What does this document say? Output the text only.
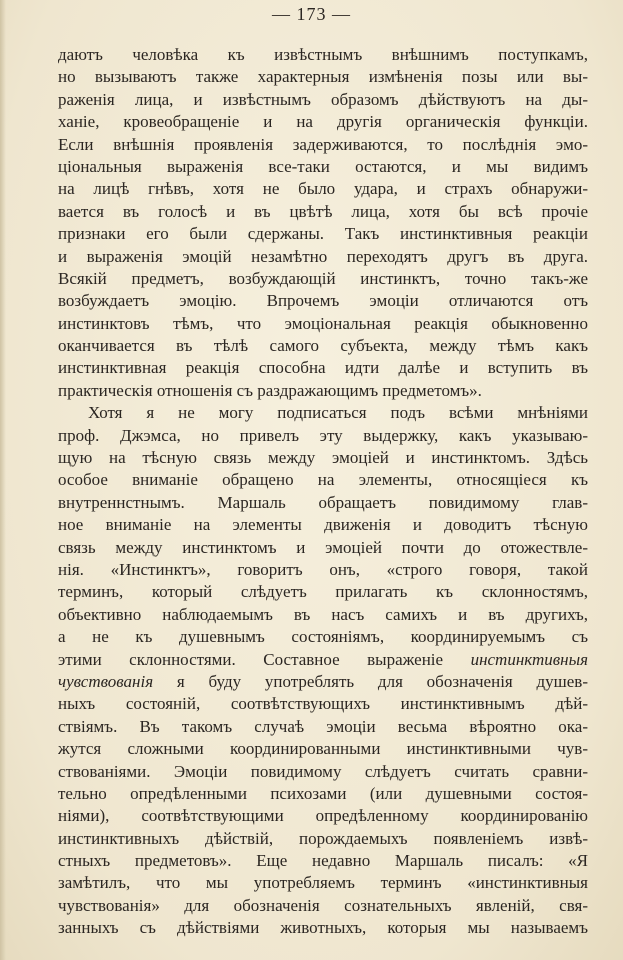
— 173 —
даютъ человѣка къ извѣстнымъ внѣшнимъ поступкамъ,
но вызываютъ также характерныя измѣненія позы или вы-
раженія лица, и извѣстнымъ образомъ дѣйствуютъ на ды-
ханіе, кровеобращеніе и на другія органическія функціи.
Если внѣшнія проявленія задерживаются, то послѣднія эмо-
ціональныя выраженія все-таки остаются, и мы видимъ
на лицѣ гнѣвъ, хотя не было удара, и страхъ обнаружи-
вается въ голосѣ и въ цвѣтѣ лица, хотя бы всѣ прочіе
признаки его были сдержаны. Такъ инстинктивныя реакціи
и выраженія эмоцій незамѣтно переходятъ другъ въ друга.
Всякій предметъ, возбуждающій инстинктъ, точно такъ-же
возбуждаетъ эмоцію. Впрочемъ эмоціи отличаются отъ
инстинктовъ тѣмъ, что эмоціональная реакція обыкновенно
оканчивается въ тѣлѣ самого субъекта, между тѣмъ какъ
инстинктивная реакція способна идти далѣе и вступить въ
практическія отношенія съ раздражающимъ предметомъ».
Хотя я не могу подписаться подъ всѣми мнѣніями
проф. Джэмса, но привелъ эту выдержку, какъ указываю-
щую на тѣсную связь между эмоціей и инстинктомъ. Здѣсь
особое вниманіе обращено на элементы, относящіеся къ
внутреннстнымъ. Маршаль обращаетъ повидимому глав-
ное вниманіе на элементы движенія и доводитъ тѣсную
связь между инстинктомъ и эмоціей почти до отожествле-
нія. «Инстинктъ», говоритъ онъ, «строго говоря, такой
терминъ, который слѣдуетъ прилагать къ склонностямъ,
объективно наблюдаемымъ въ насъ самихъ и въ другихъ,
а не къ душевнымъ состояніямъ, координируемымъ съ
этими склонностями. Составное выраженіе инстинктивныя
чувствованія я буду употреблять для обозначенія душев-
ныхъ состояній, соотвѣтствующихъ инстинктивнымъ дѣй-
ствіямъ. Въ такомъ случаѣ эмоціи весьма вѣроятно ока-
жутся сложными координированными инстинктивными чув-
ствованіями. Эмоціи повидимому слѣдуетъ считать сравни-
тельно опредѣленными психозами (или душевными состоя-
ніями), соотвѣтствующими опредѣленному координированію
инстинктивныхъ дѣйствій, порождаемыхъ появленіемъ извѣ-
стныхъ предметовъ». Еще недавно Маршаль писалъ: «Я
замѣтилъ, что мы употребляемъ терминъ «инстинктивныя
чувствованія» для обозначенія сознательныхъ явленій, свя-
занныхъ съ дѣйствіями животныхъ, которыя мы называемъ
